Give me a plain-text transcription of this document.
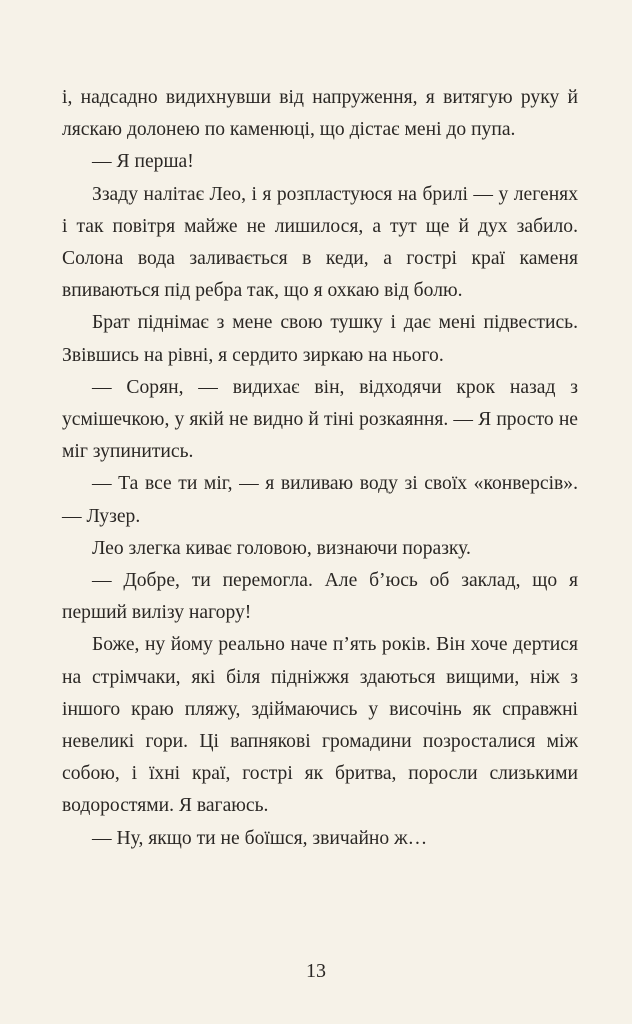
і, надсадно видихнувши від напруження, я витягую руку й ляскаю долонею по каменюці, що дістає мені до пупа.

— Я перша!

Ззаду налітає Лео, і я розпластуюся на брилі — у легенях і так повітря майже не лишилося, а тут ще й дух забило. Солона вода заливається в кеди, а гострі краї каменя впиваються під ребра так, що я охкаю від болю.

Брат піднімає з мене свою тушку і дає мені підвестись. Звівшись на рівні, я сердито зиркаю на нього.

— Сорян, — видихає він, відходячи крок назад з усмішечкою, у якій не видно й тіні розкаяння. — Я просто не міг зупинитись.

— Та все ти міг, — я виливаю воду зі своїх «конверсів». — Лузер.

Лео злегка киває головою, визнаючи поразку.

— Добре, ти перемогла. Але б’юсь об заклад, що я перший вилізу нагору!

Боже, ну йому реально наче п’ять років. Він хоче дертися на стрімчаки, які біля підніжжя здаються вищими, ніж з іншого краю пляжу, здіймаючись у височінь як справжні невеликі гори. Ці вапнякові громадини позросталися між собою, і їхні краї, гострі як бритва, поросли слизькими водоростями. Я вагаюсь.

— Ну, якщо ти не боїшся, звичайно ж…

13
